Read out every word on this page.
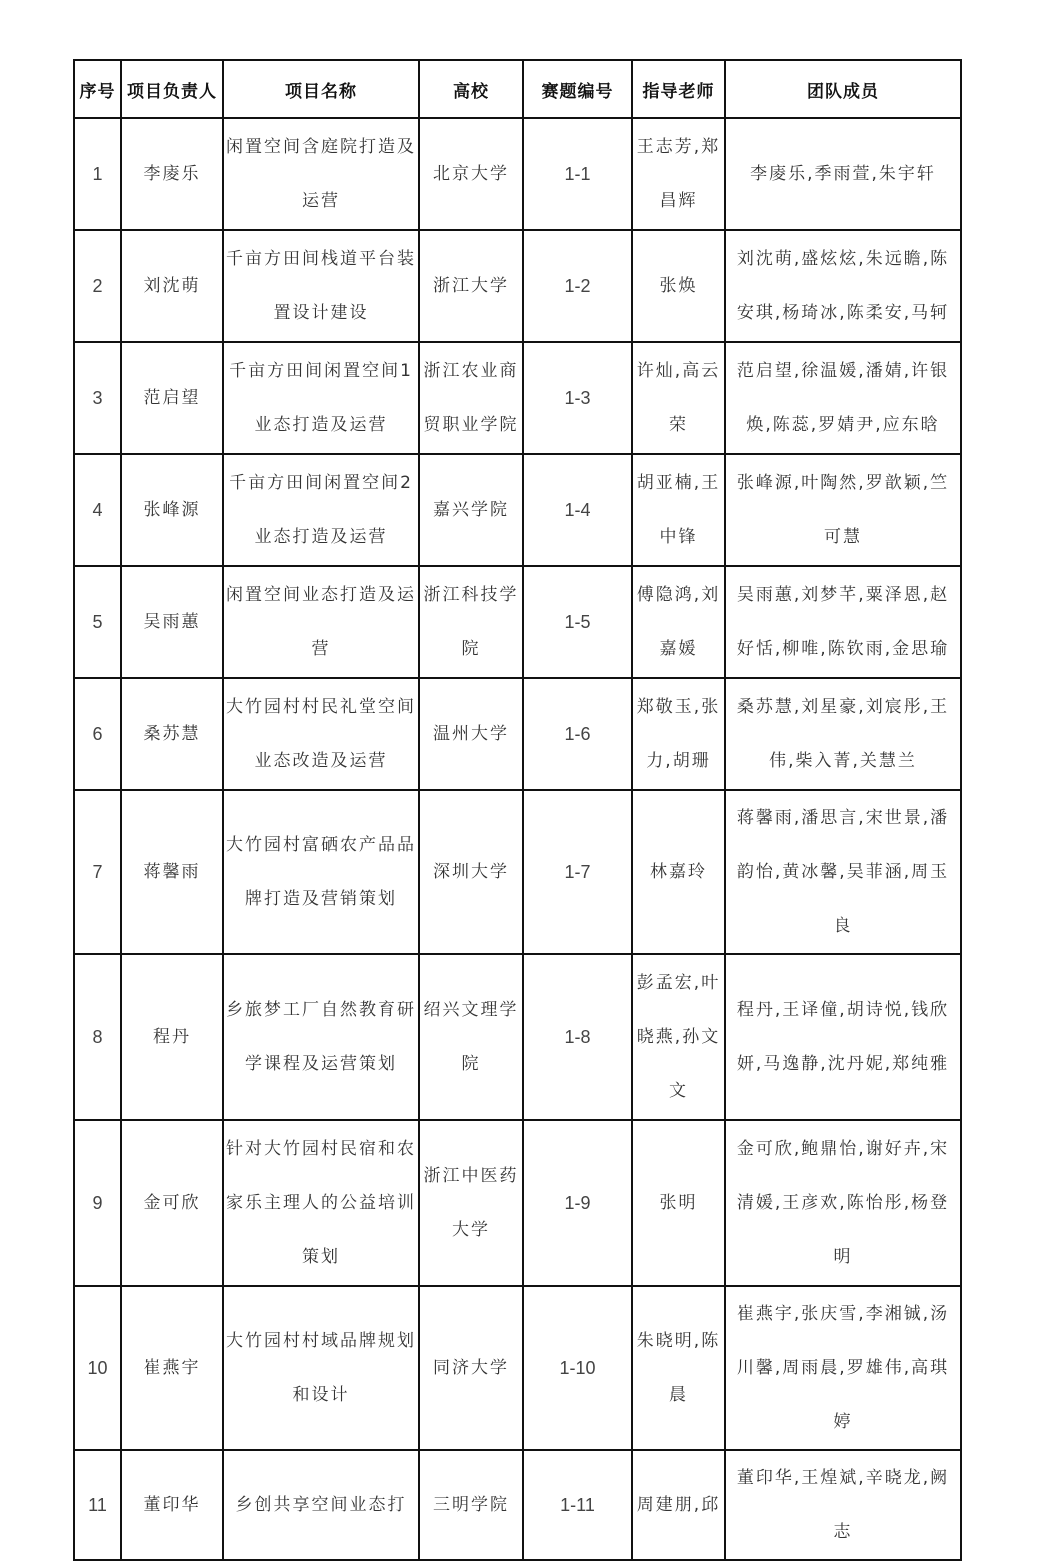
序号	项目负责人	项目名称	高校	赛题编号	指导老师	团队成员
1	李庱乐	闲置空间含庭院打造及运营	北京大学	1-1	王志芳,郑昌辉	李庱乐,季雨萱,朱宇轩
2	刘沈萌	千亩方田间栈道平台装置设计建设	浙江大学	1-2	张焕	刘沈萌,盛炫炫,朱远瞻,陈安琪,杨琦冰,陈柔安,马轲
3	范启望	千亩方田间闲置空间1业态打造及运营	浙江农业商贸职业学院	1-3	许灿,高云荣	范启望,徐温媛,潘婧,许银焕,陈蕊,罗婧尹,应东晗
4	张峰源	千亩方田间闲置空间2业态打造及运营	嘉兴学院	1-4	胡亚楠,王中锋	张峰源,叶陶然,罗歆颖,竺可慧
5	吴雨蕙	闲置空间业态打造及运营	浙江科技学院	1-5	傅隐鸿,刘嘉媛	吴雨蕙,刘梦芊,粟泽恩,赵好恬,柳唯,陈钦雨,金思瑜
6	桑苏慧	大竹园村村民礼堂空间业态改造及运营	温州大学	1-6	郑敬玉,张力,胡珊	桑苏慧,刘星豪,刘宸彤,王伟,柴入菁,关慧兰
7	蒋馨雨	大竹园村富硒农产品品牌打造及营销策划	深圳大学	1-7	林嘉玲	蒋馨雨,潘思言,宋世景,潘韵怡,黄冰馨,吴菲涵,周玉良
8	程丹	乡旅梦工厂自然教育研学课程及运营策划	绍兴文理学院	1-8	彭孟宏,叶晓燕,孙文文	程丹,王译僮,胡诗悦,钱欣妍,马逸静,沈丹妮,郑纯雅
9	金可欣	针对大竹园村民宿和农家乐主理人的公益培训策划	浙江中医药大学	1-9	张明	金可欣,鲍鼎怡,谢好卉,宋清媛,王彦欢,陈怡彤,杨登明
10	崔燕宇	大竹园村村域品牌规划和设计	同济大学	1-10	朱晓明,陈晨	崔燕宇,张庆雪,李湘铖,汤川馨,周雨晨,罗雄伟,高琪婷
11	董印华	乡创共享空间业态打	三明学院	1-11	周建朋,邱	董印华,王煌斌,辛晓龙,阙志
